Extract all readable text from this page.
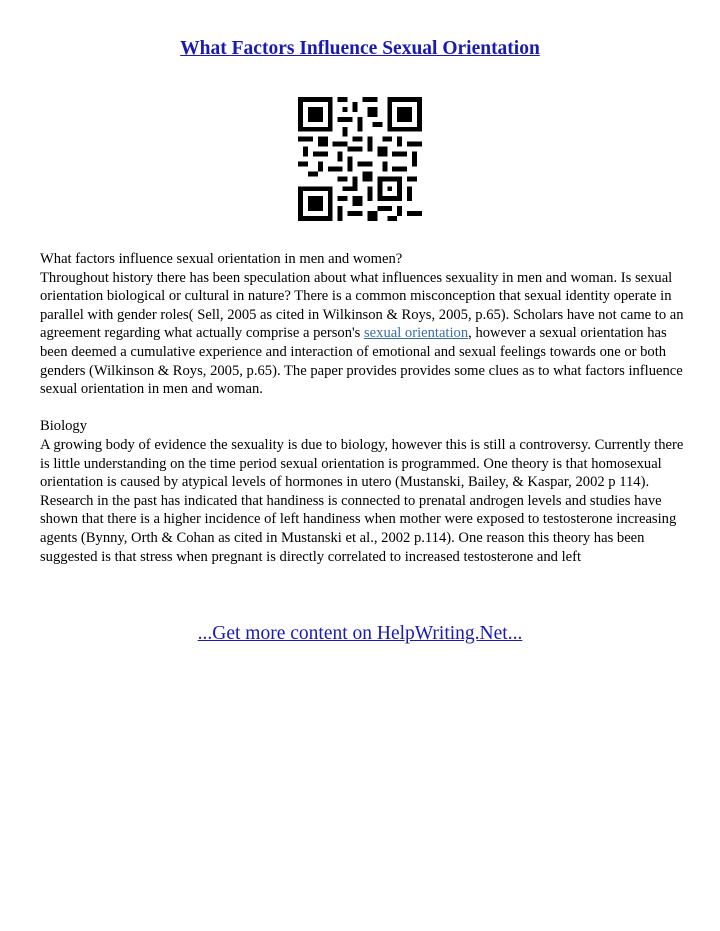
What Factors Influence Sexual Orientation

What factors influence sexual orientation in men and women?
Throughout history there has been speculation about what influences sexuality in men and woman. Is sexual orientation biological or cultural in nature? There is a common misconception that sexual identity operate in parallel with gender roles( Sell, 2005 as cited in Wilkinson & Roys, 2005, p.65). Scholars have not came to an agreement regarding what actually comprise a person's sexual orientation, however a sexual orientation has been deemed a cumulative experience and interaction of emotional and sexual feelings towards one or both genders (Wilkinson & Roys, 2005, p.65). The paper provides provides some clues as to what factors influence sexual orientation in men and woman.

Biology
A growing body of evidence the sexuality is due to biology, however this is still a controversy. Currently there is little understanding on the time period sexual orientation is programmed. One theory is that homosexual orientation is caused by atypical levels of hormones in utero (Mustanski, Bailey, & Kaspar, 2002 p 114). Research in the past has indicated that handiness is connected to prenatal androgen levels and studies have shown that there is a higher incidence of left handiness when mother were exposed to testosterone increasing agents (Bynny, Orth & Cohan as cited in Mustanski et al., 2002 p.114). One reason this theory has been suggested is that stress when pregnant is directly correlated to increased testosterone and left

...Get more content on HelpWriting.Net...
